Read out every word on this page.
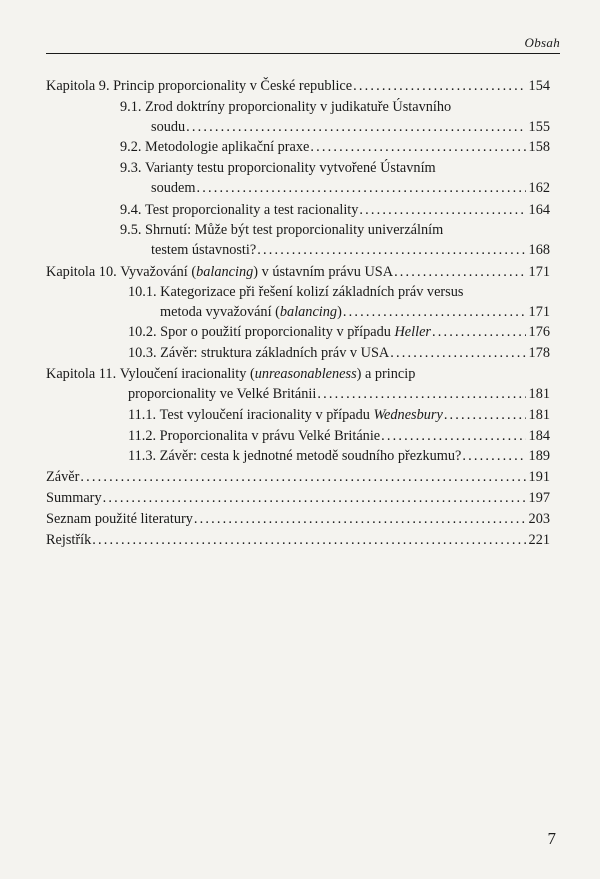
Obsah
Kapitola 9.
Princip proporcionality v České republice . . .	154
9.1.
Zrod doktríny proporcionality v judikatuře Ústavního
soudu . . .	155
9.2.
Metodologie aplikační praxe . . .	158
9.3.
Varianty testu proporcionality vytvořené Ústavním
soudem . . .	162
9.4.
Test proporcionality a test racionality . . .	164
9.5.
Shrnutí: Může být test proporcionality univerzálním
testem ústavnosti? . . .	168
Kapitola 10.
Vyvažování (balancing) v ústavním právu USA . . .	171
10.1.
Kategorizace při řešení kolizí základních práv versus
metoda vyvažování (balancing) . . .	171
10.2.
Spor o použití proporcionality v případu Heller . . .	176
10.3.
Závěr: struktura základních práv v USA . . .	178
Kapitola 11.
Vyloučení iracionality (unreasonableness) a princip
proporcionality ve Velké Británii . . .	181
11.1.
Test vyloučení iracionality v případu Wednesbury . . .	181
11.2.
Proporcionalita v právu Velké Británie . . .	184
11.3.
Závěr: cesta k jednotné metodě soudního přezkumu? . . .	189
Závěr . . .	191
Summary . . .	197
Seznam použité literatury . . .	203
Rejstřík . . .	221
7
